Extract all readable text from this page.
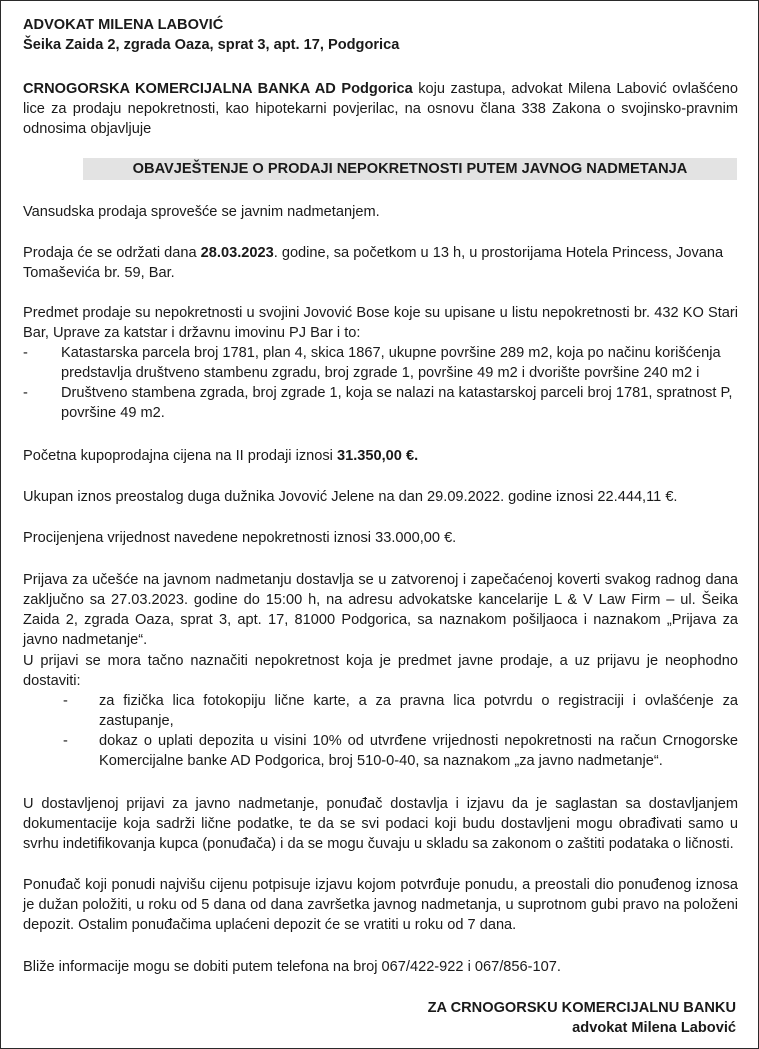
ADVOKAT MILENA LABOVIĆ
Šeika Zaida 2, zgrada Oaza, sprat 3, apt. 17, Podgorica
CRNOGORSKA KOMERCIJALNA BANKA AD Podgorica koju zastupa, advokat Milena Labović ovlašćeno lice za prodaju nepokretnosti, kao hipotekarni povjerilac, na osnovu člana 338 Zakona o svojinsko-pravnim odnosima objavljuje
OBAVJEŠTENJE O PRODAJI NEPOKRETNOSTI PUTEM JAVNOG NADMETANJA
Vansudska prodaja sprovešće se javnim nadmetanjem.
Prodaja će se održati dana 28.03.2023. godine, sa početkom u 13 h, u prostorijama Hotela Princess, Jovana Tomaševića br. 59, Bar.
Predmet prodaje su nepokretnosti u svojini Jovović Bose koje su upisane u listu nepokretnosti br. 432 KO Stari Bar, Uprave za katstar i državnu imovinu PJ Bar i to:
- Katastarska parcela broj 1781, plan 4, skica 1867, ukupne površine 289 m2, koja po načinu korišćenja predstavlja društveno stambenu zgradu, broj zgrade 1, površine 49 m2 i dvorište površine 240 m2 i
- Društveno stambena zgrada, broj zgrade 1, koja se nalazi na katastarskoj parceli broj 1781, spratnost P, površine 49 m2.
Početna kupoprodajna cijena na II prodaji iznosi 31.350,00 €.
Ukupan iznos preostalog duga dužnika Jovović Jelene na dan 29.09.2022. godine iznosi 22.444,11 €.
Procijenjena vrijednost navedene nepokretnosti iznosi 33.000,00 €.
Prijava za učešće na javnom nadmetanju dostavlja se u zatvorenoj i zapečaćenoj koverti svakog radnog dana zaključno sa 27.03.2023. godine do 15:00 h, na adresu advokatske kancelarije L & V Law Firm – ul. Šeika Zaida 2, zgrada Oaza, sprat 3, apt. 17, 81000 Podgorica, sa naznakom pošiljaoca i naznakom „Prijava za javno nadmetanje“.
U prijavi se mora tačno naznačiti nepokretnost koja je predmet javne prodaje, a uz prijavu je neophodno dostaviti:
- za fizička lica fotokopiju lične karte, a za pravna lica potvrdu o registraciji i ovlašćenje za zastupanje,
- dokaz o uplati depozita u visini 10% od utvrđene vrijednosti nepokretnosti na račun Crnogorske Komercijalne banke AD Podgorica, broj 510-0-40, sa naznakom „za javno nadmetanje“.
U dostavljenoj prijavi za javno nadmetanje, ponuđač dostavlja i izjavu da je saglastan sa dostavljanjem dokumentacije koja sadrži lične podatke, te da se svi podaci koji budu dostavljeni mogu obrađivati samo u svrhu indetifikovanja kupca (ponuđača) i da se mogu čuvaju u skladu sa zakonom o zaštiti podataka o ličnosti.
Ponuđač koji ponudi najvišu cijenu potpisuje izjavu kojom potvrđuje ponudu, a preostali dio ponuđenog iznosa je dužan položiti, u roku od 5 dana od dana završetka javnog nadmetanja, u suprotnom gubi pravo na položeni depozit. Ostalim ponuđačima uplaćeni depozit će se vratiti u roku od 7 dana.
Bliže informacije mogu se dobiti putem telefona na broj 067/422-922 i 067/856-107.
ZA CRNOGORSKU KOMERCIJALNU BANKU
advokat Milena Labović
